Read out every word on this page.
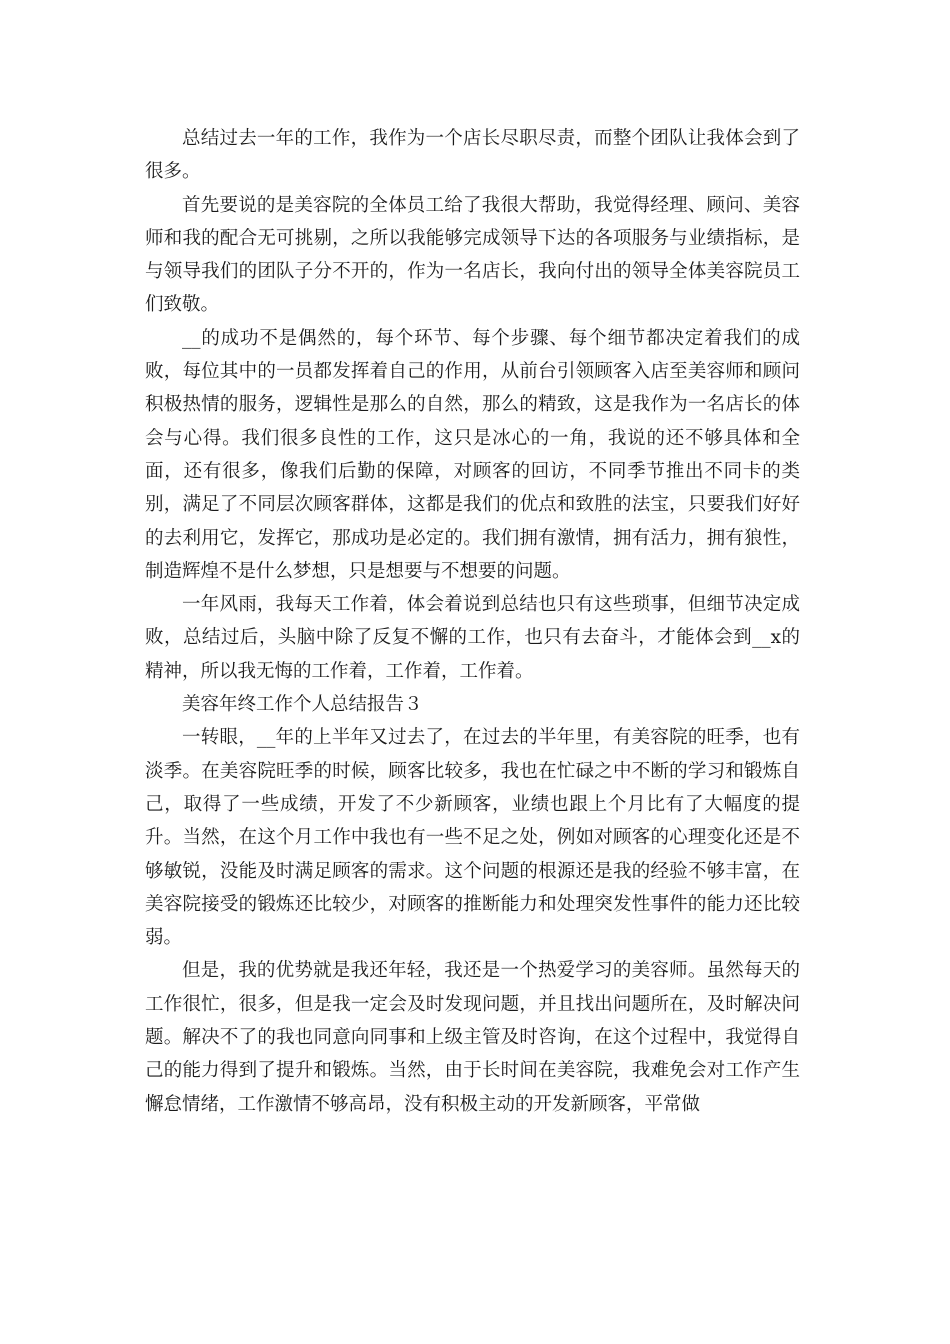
总结过去一年的工作，我作为一个店长尽职尽责，而整个团队让我体会到了很多。

首先要说的是美容院的全体员工给了我很大帮助，我觉得经理、顾问、美容师和我的配合无可挑剔，之所以我能够完成领导下达的各项服务与业绩指标，是与领导我们的团队子分不开的，作为一名店长，我向付出的领导全体美容院员工们致敬。

__的成功不是偶然的，每个环节、每个步骤、每个细节都决定着我们的成败，每位其中的一员都发挥着自己的作用，从前台引领顾客入店至美容师和顾问积极热情的服务，逻辑性是那么的自然，那么的精致，这是我作为一名店长的体会与心得。我们很多良性的工作，这只是冰心的一角，我说的还不够具体和全面，还有很多，像我们后勤的保障，对顾客的回访，不同季节推出不同卡的类别，满足了不同层次顾客群体，这都是我们的优点和致胜的法宝，只要我们好好的去利用它，发挥它，那成功是必定的。我们拥有激情，拥有活力，拥有狼性，制造辉煌不是什么梦想，只是想要与不想要的问题。

一年风雨，我每天工作着，体会着说到总结也只有这些琐事，但细节决定成败，总结过后，头脑中除了反复不懈的工作，也只有去奋斗，才能体会到__x的精神，所以我无悔的工作着，工作着，工作着。

美容年终工作个人总结报告３

一转眼，__年的上半年又过去了，在过去的半年里，有美容院的旺季，也有淡季。在美容院旺季的时候，顾客比较多，我也在忙碌之中不断的学习和锻炼自己，取得了一些成绩，开发了不少新顾客，业绩也跟上个月比有了大幅度的提升。当然，在这个月工作中我也有一些不足之处，例如对顾客的心理变化还是不够敏锐，没能及时满足顾客的需求。这个问题的根源还是我的经验不够丰富，在美容院接受的锻炼还比较少，对顾客的推断能力和处理突发性事件的能力还比较弱。

但是，我的优势就是我还年轻，我还是一个热爱学习的美容师。虽然每天的工作很忙，很多，但是我一定会及时发现问题，并且找出问题所在，及时解决问题。解决不了的我也同意向同事和上级主管及时咨询，在这个过程中，我觉得自己的能力得到了提升和锻炼。当然，由于长时间在美容院，我难免会对工作产生懈怠情绪，工作激情不够高昂，没有积极主动的开发新顾客，平常做
